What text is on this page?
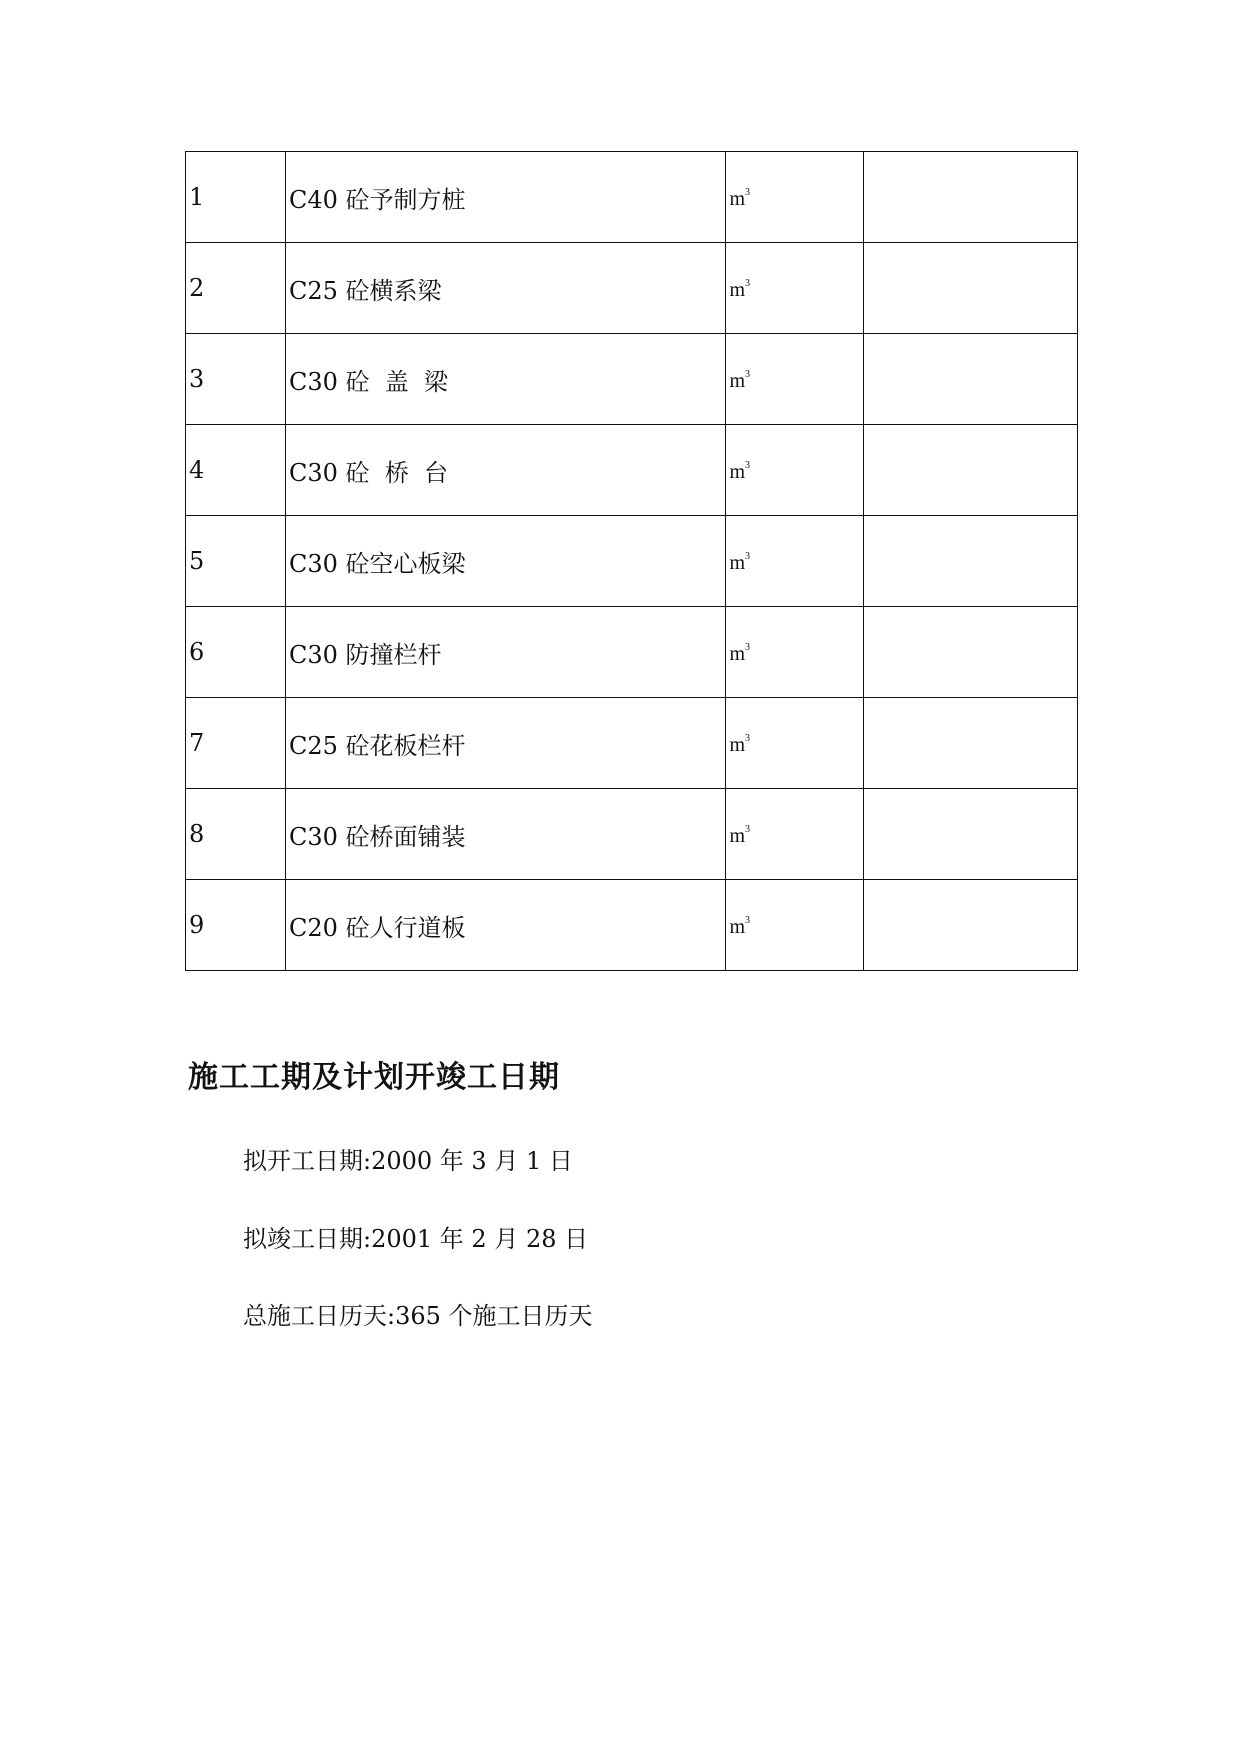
1	C40 砼予制方桩	$m^3$	
2	C25 砼横系梁	$m^3$	
3	C30 砼  盖  梁	$m^3$	
4	C30 砼  桥  台	$m^3$	
5	C30 砼空心板梁	$m^3$	
6	C30 防撞栏杆	$m^3$	
7	C25 砼花板栏杆	$m^3$	
8	C30 砼桥面铺装	$m^3$	
9	C20 砼人行道板	$m^3$	
施工工期及计划开竣工日期

拟开工日期:2000 年 3 月 1 日

拟竣工日期:2001 年 2 月 28 日

总施工日历天:365 个施工日历天
